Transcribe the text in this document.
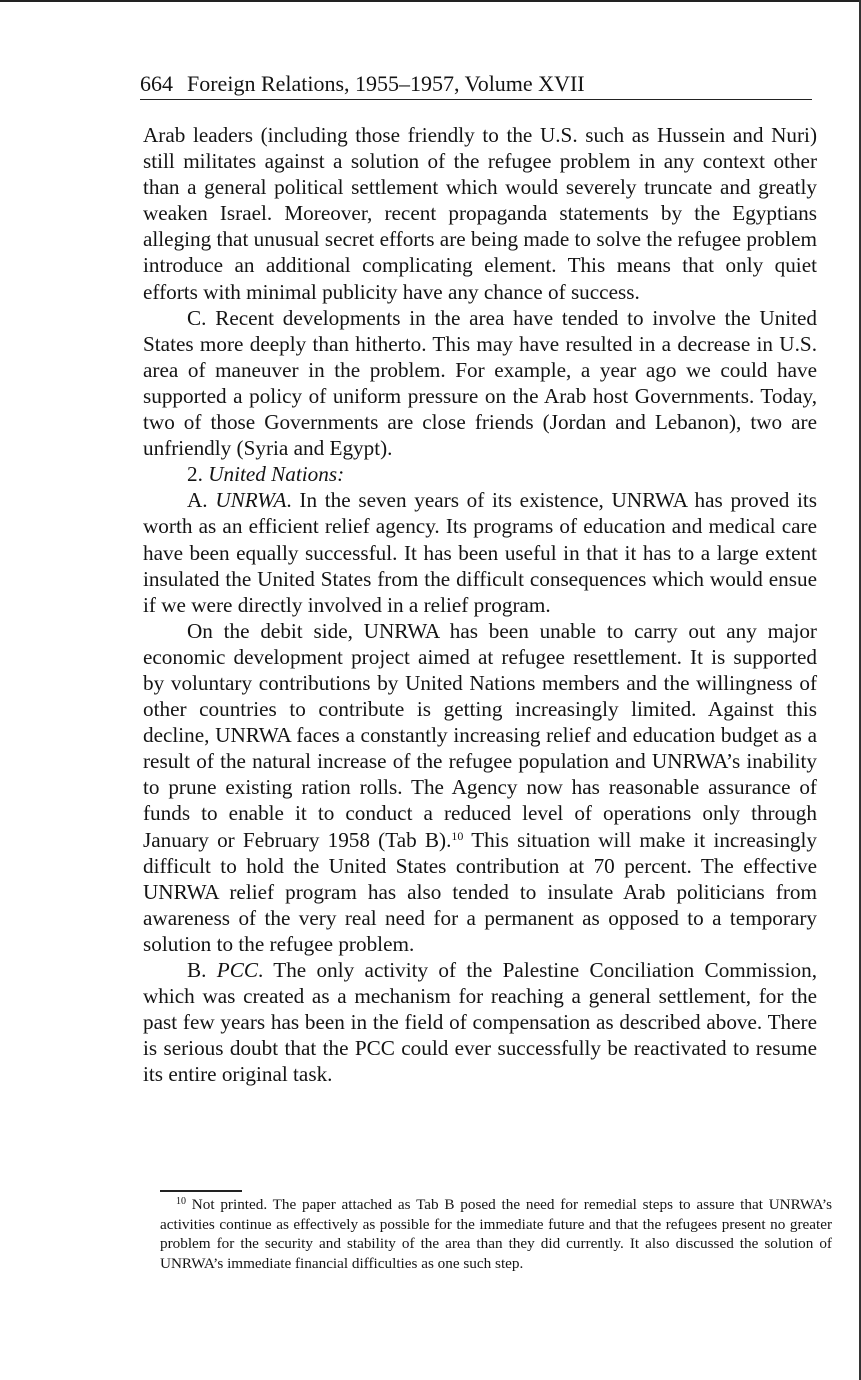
664 Foreign Relations, 1955–1957, Volume XVII

Arab leaders (including those friendly to the U.S. such as Hussein and Nuri) still militates against a solution of the refugee problem in any context other than a general political settlement which would severely truncate and greatly weaken Israel. Moreover, recent propaganda statements by the Egyptians alleging that unusual secret efforts are being made to solve the refugee problem introduce an additional complicating element. This means that only quiet efforts with minimal publicity have any chance of success.

C. Recent developments in the area have tended to involve the United States more deeply than hitherto. This may have resulted in a decrease in U.S. area of maneuver in the problem. For example, a year ago we could have supported a policy of uniform pressure on the Arab host Governments. Today, two of those Governments are close friends (Jordan and Lebanon), two are unfriendly (Syria and Egypt).

2. United Nations:

A. UNRWA. In the seven years of its existence, UNRWA has proved its worth as an efficient relief agency. Its programs of education and medical care have been equally successful. It has been useful in that it has to a large extent insulated the United States from the difficult consequences which would ensue if we were directly involved in a relief program.

On the debit side, UNRWA has been unable to carry out any major economic development project aimed at refugee resettlement. It is supported by voluntary contributions by United Nations members and the willingness of other countries to contribute is getting increasingly limited. Against this decline, UNRWA faces a constantly increasing relief and education budget as a result of the natural increase of the refugee population and UNRWA’s inability to prune existing ration rolls. The Agency now has reasonable assurance of funds to enable it to conduct a reduced level of operations only through January or February 1958 (Tab B).$^{10}$ This situation will make it increasingly difficult to hold the United States contribution at 70 percent. The effective UNRWA relief program has also tended to insulate Arab politicians from awareness of the very real need for a permanent as opposed to a temporary solution to the refugee problem.

B. PCC. The only activity of the Palestine Conciliation Commission, which was created as a mechanism for reaching a general settlement, for the past few years has been in the field of compensation as described above. There is serious doubt that the PCC could ever successfully be reactivated to resume its entire original task.

$^{10}$ Not printed. The paper attached as Tab B posed the need for remedial steps to assure that UNRWA’s activities continue as effectively as possible for the immediate future and that the refugees present no greater problem for the security and stability of the area than they did currently. It also discussed the solution of UNRWA’s immediate financial difficulties as one such step.
